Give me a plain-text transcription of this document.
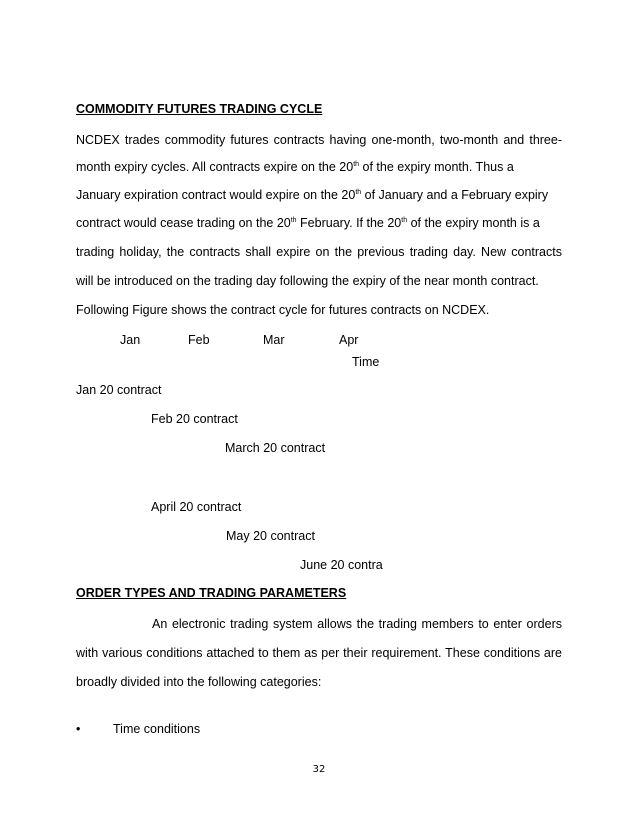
COMMODITY FUTURES TRADING CYCLE
NCDEX trades commodity futures contracts having one-month, two-month and three-
month expiry cycles. All contracts expire on the 20th of the expiry month. Thus a
January expiration contract would expire on the 20th of January and a February expiry
contract would cease trading on the 20th February. If the 20th of the expiry month is a
trading holiday, the contracts shall expire on the previous trading day. New contracts
will be introduced on the trading day following the expiry of the near month contract.
Following Figure shows the contract cycle for futures contracts on NCDEX.
Jan	Feb	Mar	Apr
Time
Jan 20 contract
Feb 20 contract
March 20 contract
April 20 contract
May 20 contract
June 20 contra
ORDER TYPES AND TRADING PARAMETERS
An electronic trading system allows the trading members to enter orders
with various conditions attached to them as per their requirement. These conditions are
broadly divided into the following categories:
•	Time conditions
32
